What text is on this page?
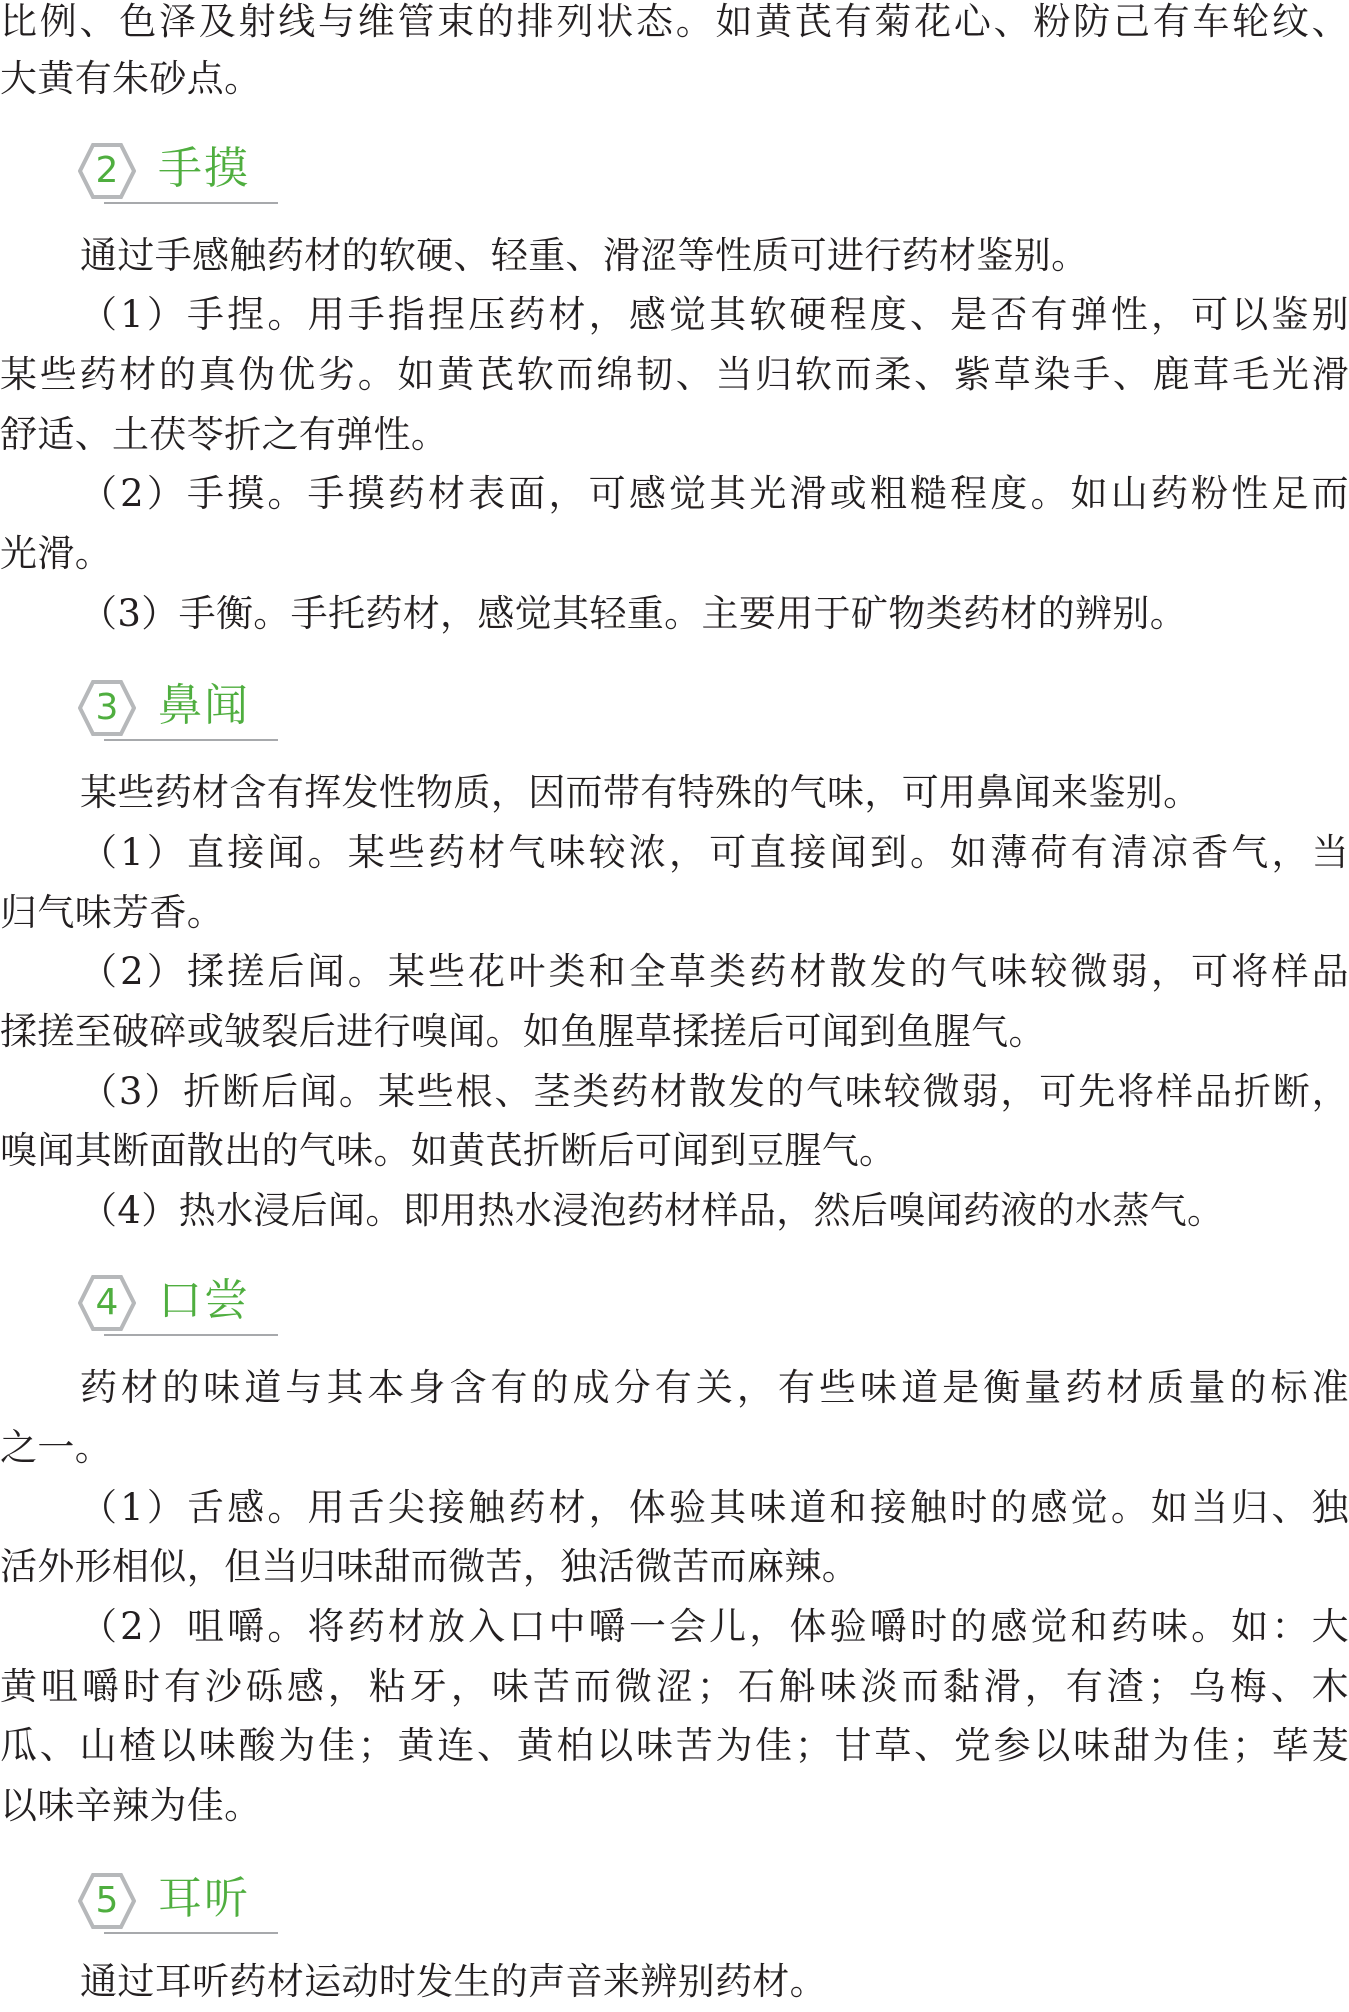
比例、色泽及射线与维管束的排列状态。如黄芪有菊花心、粉防己有车轮纹、
大黄有朱砂点。
2 手摸
通过手感触药材的软硬、轻重、滑涩等性质可进行药材鉴别。
（1）手捏。用手指捏压药材，感觉其软硬程度、是否有弹性，可以鉴别
某些药材的真伪优劣。如黄芪软而绵韧、当归软而柔、紫草染手、鹿茸毛光滑
舒适、土茯苓折之有弹性。
（2）手摸。手摸药材表面，可感觉其光滑或粗糙程度。如山药粉性足而
光滑。
（3）手衡。手托药材，感觉其轻重。主要用于矿物类药材的辨别。
3 鼻闻
某些药材含有挥发性物质，因而带有特殊的气味，可用鼻闻来鉴别。
（1）直接闻。某些药材气味较浓，可直接闻到。如薄荷有清凉香气，当
归气味芳香。
（2）揉搓后闻。某些花叶类和全草类药材散发的气味较微弱，可将样品
揉搓至破碎或皱裂后进行嗅闻。如鱼腥草揉搓后可闻到鱼腥气。
（3）折断后闻。某些根、茎类药材散发的气味较微弱，可先将样品折断，
嗅闻其断面散出的气味。如黄芪折断后可闻到豆腥气。
（4）热水浸后闻。即用热水浸泡药材样品，然后嗅闻药液的水蒸气。
4 口尝
药材的味道与其本身含有的成分有关，有些味道是衡量药材质量的标准
之一。
（1）舌感。用舌尖接触药材，体验其味道和接触时的感觉。如当归、独
活外形相似，但当归味甜而微苦，独活微苦而麻辣。
（2）咀嚼。将药材放入口中嚼一会儿，体验嚼时的感觉和药味。如：大
黄咀嚼时有沙砾感，粘牙，味苦而微涩；石斛味淡而黏滑，有渣；乌梅、木
瓜、山楂以味酸为佳；黄连、黄柏以味苦为佳；甘草、党参以味甜为佳；荜茇
以味辛辣为佳。
5 耳听
通过耳听药材运动时发生的声音来辨别药材。
